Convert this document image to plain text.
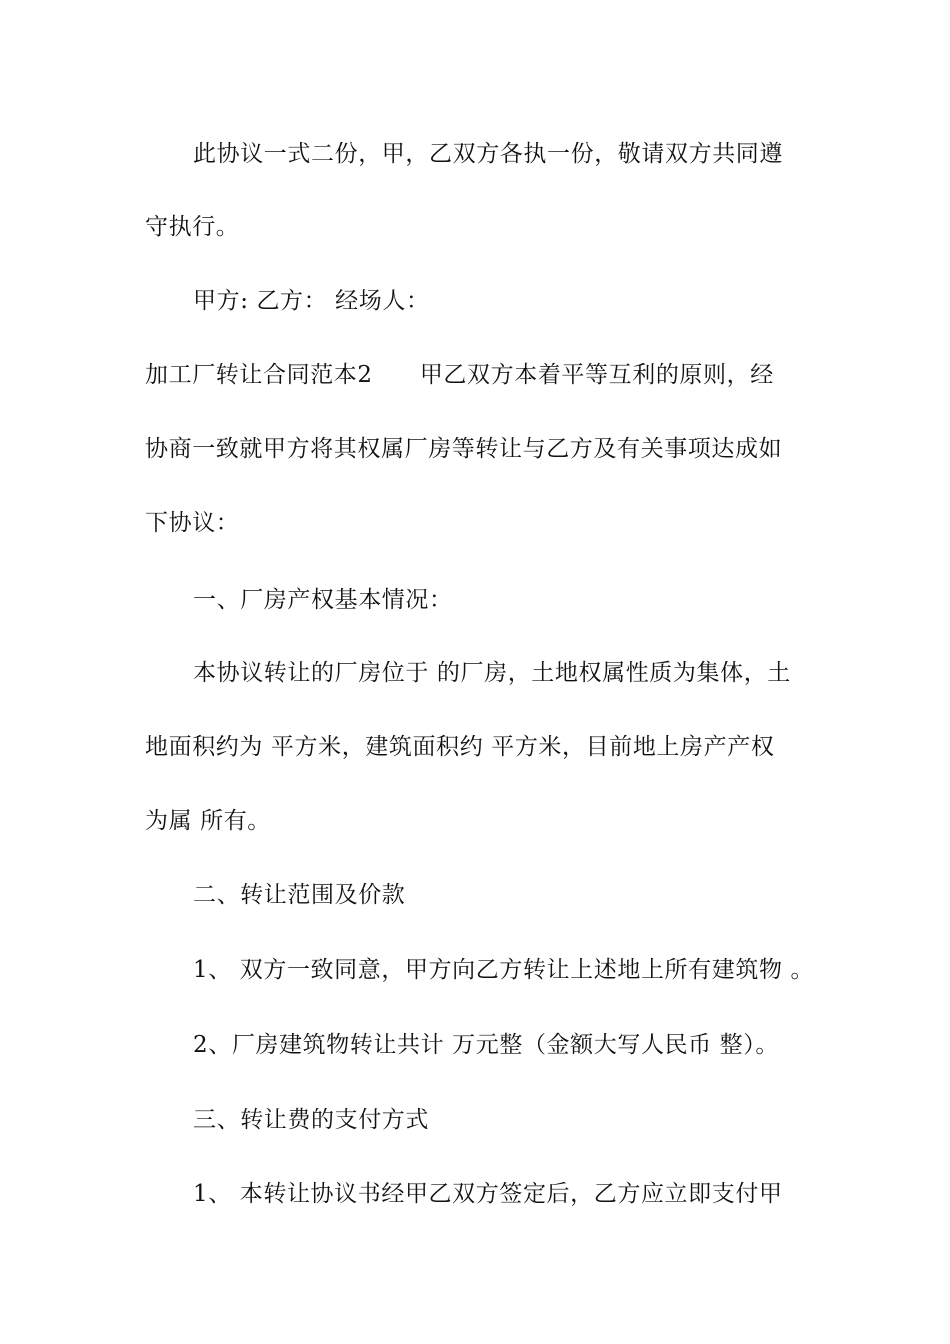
此协议一式二份，甲，乙双方各执一份，敬请双方共同遵
守执行。
甲方: 乙方： 经场人：
加工厂转让合同范本2　　甲乙双方本着平等互利的原则，经
协商一致就甲方将其权属厂房等转让与乙方及有关事项达成如
下协议：
一、厂房产权基本情况：
本协议转让的厂房位于 的厂房，土地权属性质为集体，土
地面积约为 平方米，建筑面积约 平方米，目前地上房产产权
为属 所有。
二、转让范围及价款
1、 双方一致同意，甲方向乙方转让上述地上所有建筑物 。
2、厂房建筑物转让共计 万元整（金额大写人民币 整）。
三、转让费的支付方式
1、 本转让协议书经甲乙双方签定后，乙方应立即支付甲
